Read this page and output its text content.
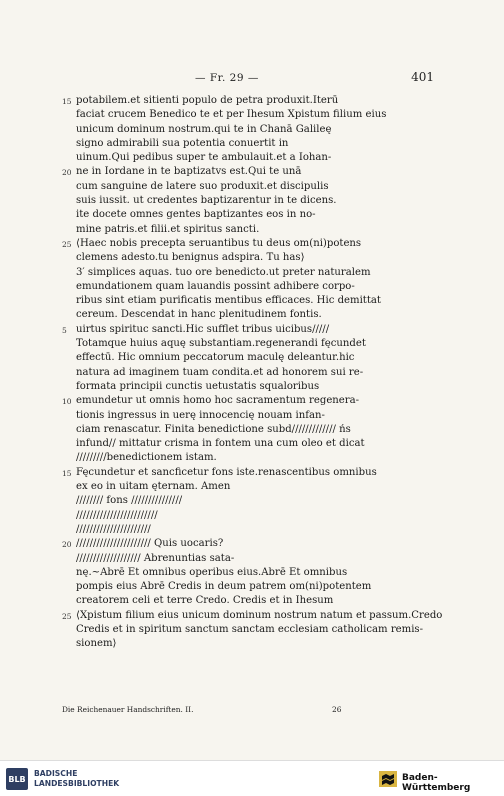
— Fr. 29 —	401
15 potabilem.et sitienti populo de petra produxit.Iterū
faciat crucem Benedico te et per Ihesum Xpistum filium eius
unicum dominum nostrum.qui te in Chanā Galileę
signo admirabili sua potentia conuertit in
uinum.Qui pedibus super te ambulauit.et a Iohan-
20 ne in Iordane in te baptizatvs est.Qui te unā
cum sanguine de latere suo produxit.et discipulis
suis iussit. ut credentes baptizarentur in te dicens.
ite docete omnes gentes baptizantes eos in no-
mine patris.et filii.et spiritus sancti.
25 ⟨Haec nobis precepta seruantibus tu deus om(ni)potens
clemens adesto.tu benignus adspira. Tu has⟩
3′ simplices aquas. tuo ore benedicto.ut preter naturalem
emundationem quam lauandis possint adhibere corpo-
ribus sint etiam purificatis mentibus efficaces. Hic demittat
cereum. Descendat in hanc plenitudinem fontis.
5 uirtus spirituc sancti.Hic sufflet tribus uicibus/////
Totamque huius aquę substantiam.regenerandi fęcundet
effectū. Hic omnium peccatorum maculę deleantur.hic
natura ad imaginem tuam condita.et ad honorem sui re-
formata principii cunctis uetustatis squaloribus
10 emundetur ut omnis homo hoc sacramentum regenera-
tionis ingressus in uerę innocencię nouam infan-
ciam renascatur. Finita benedictione subd///////////// ńs
infund// mittatur crisma in fontem una cum oleo et dicat
/////////benedictionem istam.
15 Fęcundetur et sancficetur fons iste.renascentibus omnibus
ex eo in uitam ęternam. Amen
//////// fons ///////////////
////////////////////////
//////////////////////
20 ////////////////////// Quis uocaris?
/////////////////// Abrenuntias sata-
nę.~Abrē Et omnibus operibus eius.Abrē Et omnibus
pompis eius Abrē Credis in deum patrem om(ni)potentem
creatorem celi et terre Credo. Credis et in Ihesum
25 ⟨Xpistum filium eius unicum dominum nostrum natum et passum.Credo
Credis et in spiritum sanctum sanctam ecclesiam catholicam remis-
sionem⟩
Die Reichenauer Handschriften. II.	26
BLB
BADISCHE
LANDESBIBLIOTHEK
Baden-Württemberg
